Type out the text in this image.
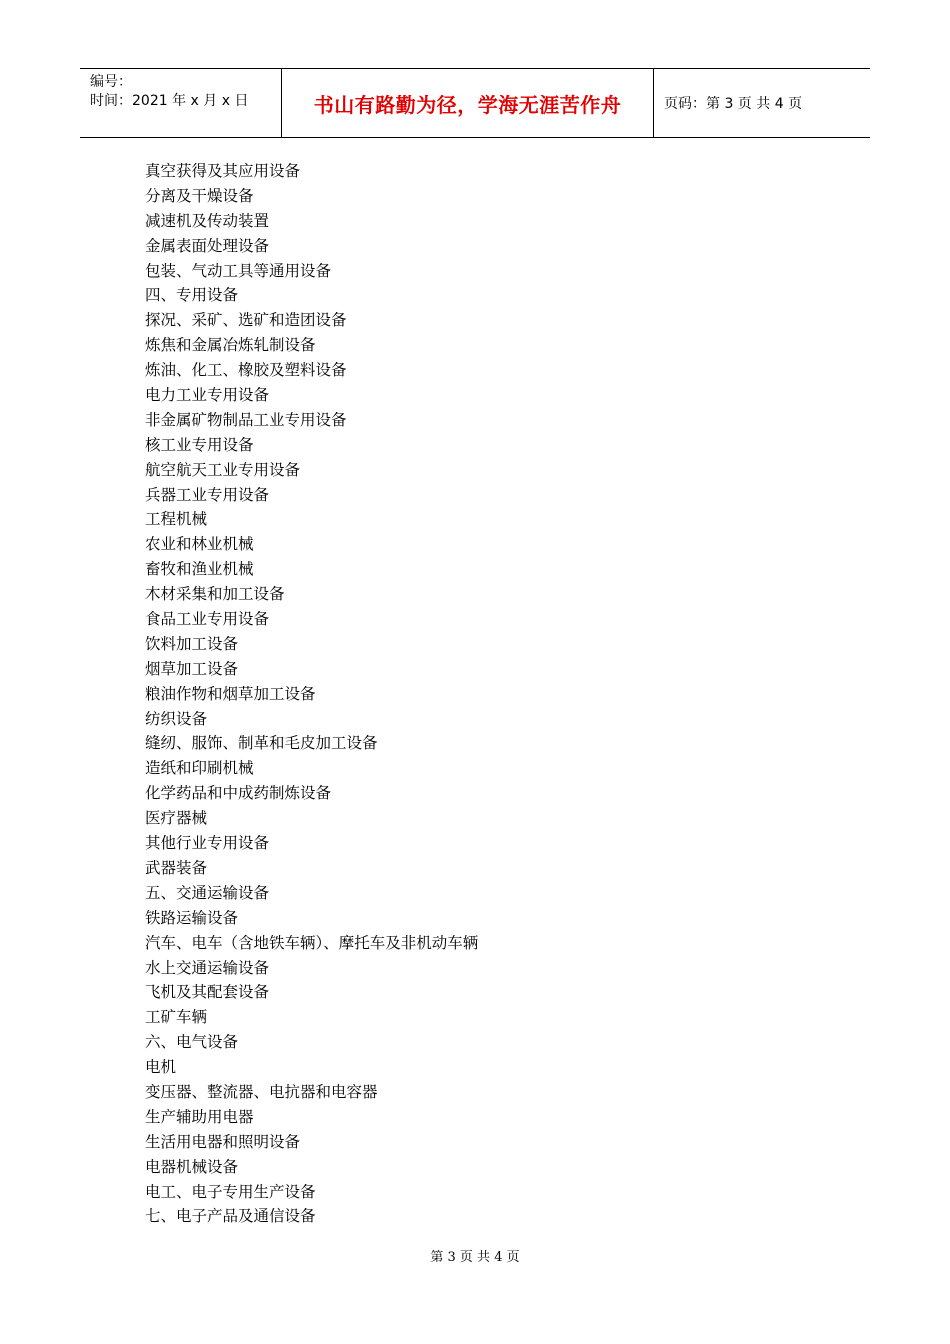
编号：
时间：2021 年 x 月 x 日	书山有路勤为径，学海无涯苦作舟	页码：第 3 页 共 4 页
真空获得及其应用设备
分离及干燥设备
减速机及传动装置
金属表面处理设备
包装、气动工具等通用设备
四、专用设备
探况、采矿、选矿和造团设备
炼焦和金属冶炼轧制设备
炼油、化工、橡胶及塑料设备
电力工业专用设备
非金属矿物制品工业专用设备
核工业专用设备
航空航天工业专用设备
兵器工业专用设备
工程机械
农业和林业机械
畜牧和渔业机械
木材采集和加工设备
食品工业专用设备
饮料加工设备
烟草加工设备
粮油作物和烟草加工设备
纺织设备
缝纫、服饰、制革和毛皮加工设备
造纸和印刷机械
化学药品和中成药制炼设备
医疗器械
其他行业专用设备
武器装备
五、交通运输设备
铁路运输设备
汽车、电车（含地铁车辆）、摩托车及非机动车辆
水上交通运输设备
飞机及其配套设备
工矿车辆
六、电气设备
电机
变压器、整流器、电抗器和电容器
生产辅助用电器
生活用电器和照明设备
电器机械设备
电工、电子专用生产设备
七、电子产品及通信设备
第 3 页 共 4 页
